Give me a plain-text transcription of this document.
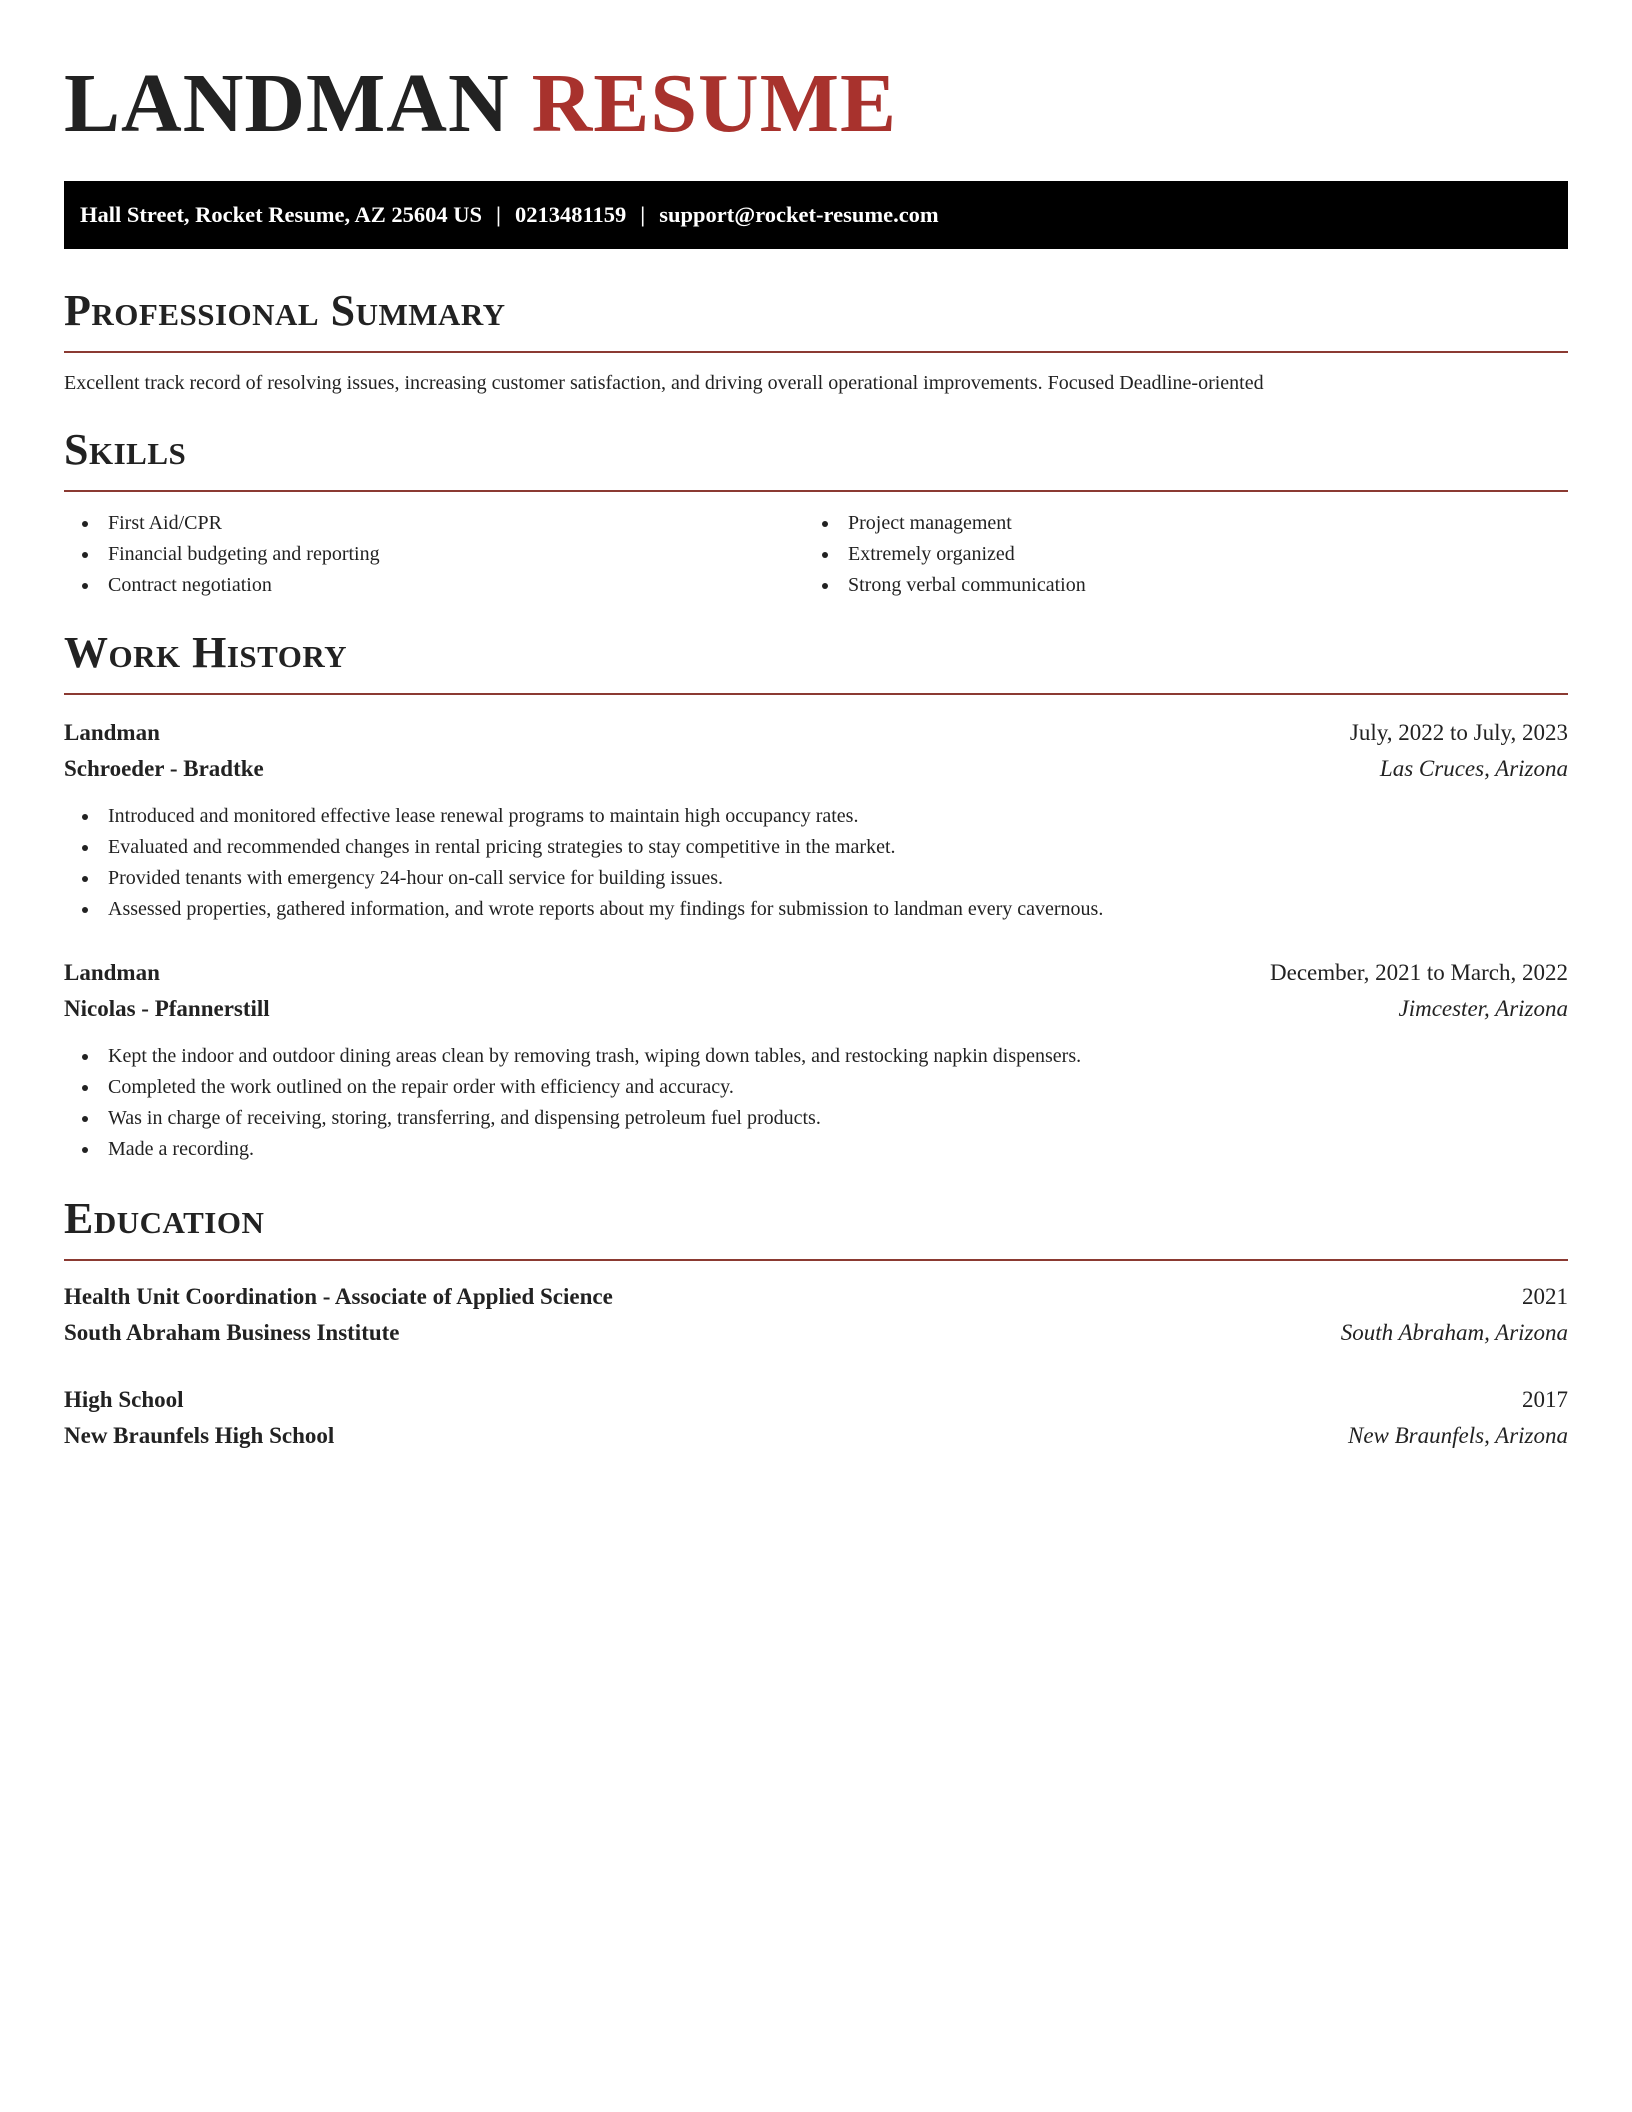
LANDMAN RESUME
Hall Street, Rocket Resume, AZ 25604 US | 0213481159 | support@rocket-resume.com
Professional Summary

Excellent track record of resolving issues, increasing customer satisfaction, and driving overall operational improvements. Focused Deadline-oriented

Skills
First Aid/CPR
Financial budgeting and reporting
Contract negotiation
Project management
Extremely organized
Strong verbal communication
Work History
Landman	July, 2022 to July, 2023
Schroeder - Bradtke	Las Cruces, Arizona
Introduced and monitored effective lease renewal programs to maintain high occupancy rates.
Evaluated and recommended changes in rental pricing strategies to stay competitive in the market.
Provided tenants with emergency 24-hour on-call service for building issues.
Assessed properties, gathered information, and wrote reports about my findings for submission to landman every cavernous.
Landman	December, 2021 to March, 2022
Nicolas - Pfannerstill	Jimcester, Arizona
Kept the indoor and outdoor dining areas clean by removing trash, wiping down tables, and restocking napkin dispensers.
Completed the work outlined on the repair order with efficiency and accuracy.
Was in charge of receiving, storing, transferring, and dispensing petroleum fuel products.
Made a recording.
Education
Health Unit Coordination - Associate of Applied Science	2021
South Abraham Business Institute	South Abraham, Arizona
High School	2017
New Braunfels High School	New Braunfels, Arizona
